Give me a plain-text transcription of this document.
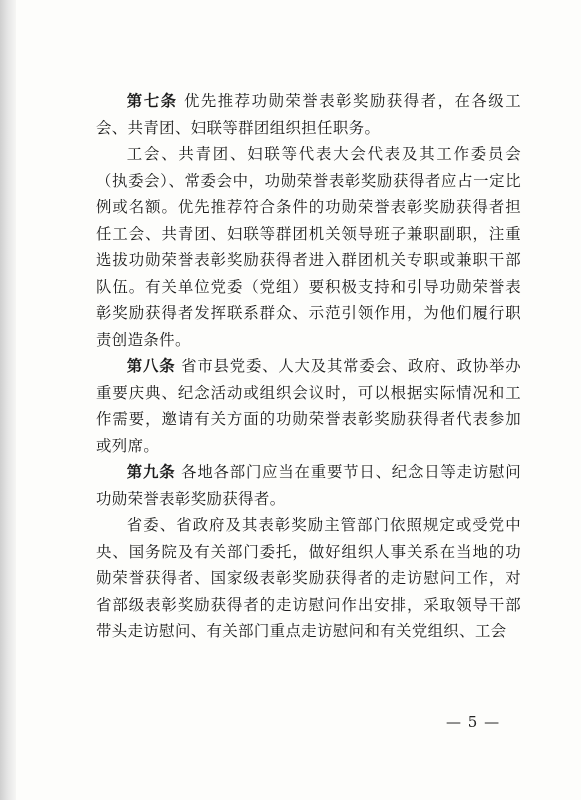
第七条 优先推荐功勋荣誉表彰奖励获得者，在各级工会、共青团、妇联等群团组织担任职务。

工会、共青团、妇联等代表大会代表及其工作委员会（执委会）、常委会中，功勋荣誉表彰奖励获得者应占一定比例或名额。优先推荐符合条件的功勋荣誉表彰奖励获得者担任工会、共青团、妇联等群团机关领导班子兼职副职，注重选拔功勋荣誉表彰奖励获得者进入群团机关专职或兼职干部队伍。有关单位党委（党组）要积极支持和引导功勋荣誉表彰奖励获得者发挥联系群众、示范引领作用，为他们履行职责创造条件。

第八条 省市县党委、人大及其常委会、政府、政协举办重要庆典、纪念活动或组织会议时，可以根据实际情况和工作需要，邀请有关方面的功勋荣誉表彰奖励获得者代表参加或列席。

第九条 各地各部门应当在重要节日、纪念日等走访慰问功勋荣誉表彰奖励获得者。

省委、省政府及其表彰奖励主管部门依照规定或受党中央、国务院及有关部门委托，做好组织人事关系在当地的功勋荣誉获得者、国家级表彰奖励获得者的走访慰问工作，对省部级表彰奖励获得者的走访慰问作出安排，采取领导干部带头走访慰问、有关部门重点走访慰问和有关党组织、工会

— 5 —
